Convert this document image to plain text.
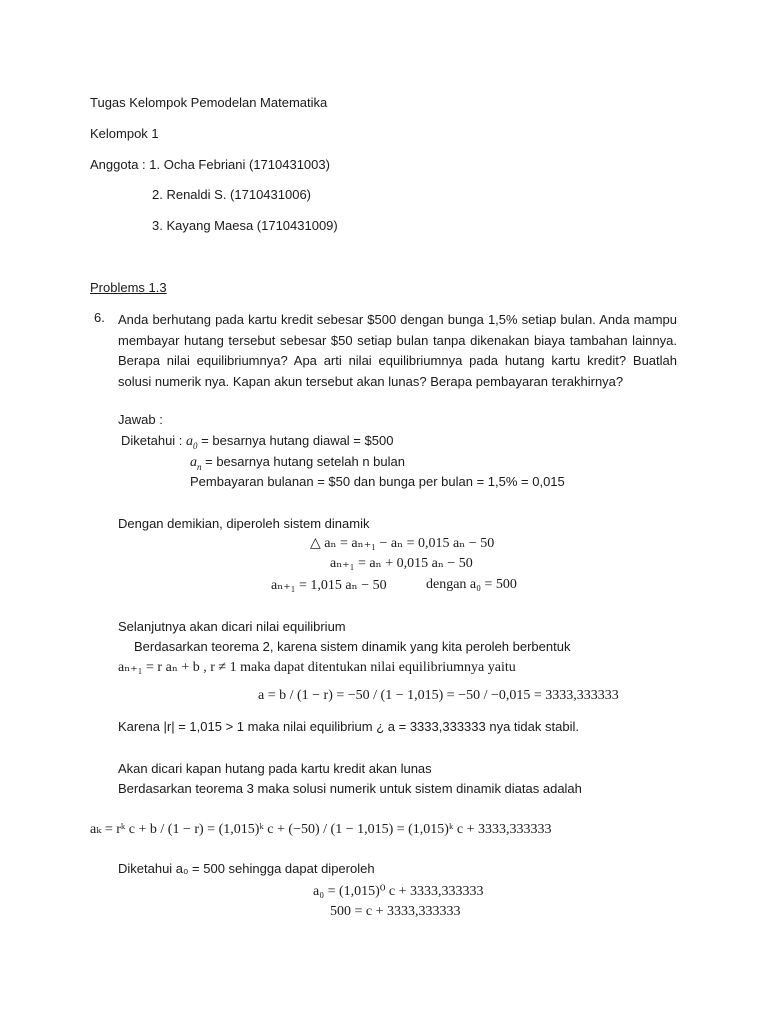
Tugas Kelompok Pemodelan Matematika
Kelompok 1
Anggota : 1. Ocha Febriani (1710431003)
2. Renaldi S. (1710431006)
3. Kayang Maesa (1710431009)
Problems 1.3
6. Anda berhutang pada kartu kredit sebesar $500 dengan bunga 1,5% setiap bulan. Anda mampu membayar hutang tersebut sebesar $50 setiap bulan tanpa dikenakan biaya tambahan lainnya. Berapa nilai equilibriumnya? Apa arti nilai equilibriumnya pada hutang kartu kredit? Buatlah solusi numerik nya. Kapan akun tersebut akan lunas? Berapa pembayaran terakhirnya?
Jawab :
Diketahui : $a_0$ = besarnya hutang diawal = $500
$a_n$ = besarnya hutang setelah n bulan
Pembayaran bulanan = $50 dan bunga per bulan = 1,5% = 0,015
Dengan demikian, diperoleh sistem dinamik
△ aₙ = aₙ₊₁ − aₙ = 0,015 aₙ − 50
aₙ₊₁ = aₙ + 0,015 aₙ − 50
aₙ₊₁ = 1,015 aₙ − 50	dengan a₀ = 500
Selanjutnya akan dicari nilai equilibrium
Berdasarkan teorema 2, karena sistem dinamik yang kita peroleh berbentuk
aₙ₊₁ = r aₙ + b , r ≠ 1 maka dapat ditentukan nilai equilibriumnya yaitu
a = b / (1 − r) = −50 / (1 − 1,015) = −50 / −0,015 = 3333,333333
Karena |r| = 1,015 > 1 maka nilai equilibrium ¿ a = 3333,333333 nya tidak stabil.
Akan dicari kapan hutang pada kartu kredit akan lunas
Berdasarkan teorema 3 maka solusi numerik untuk sistem dinamik diatas adalah
aₖ = rᵏ c + b / (1 − r) = (1,015)ᵏ c + (−50) / (1 − 1,015) = (1,015)ᵏ c + 3333,333333
Diketahui a₀ = 500 sehingga dapat diperoleh
a₀ = (1,015)⁰ c + 3333,333333
500 = c + 3333,333333
